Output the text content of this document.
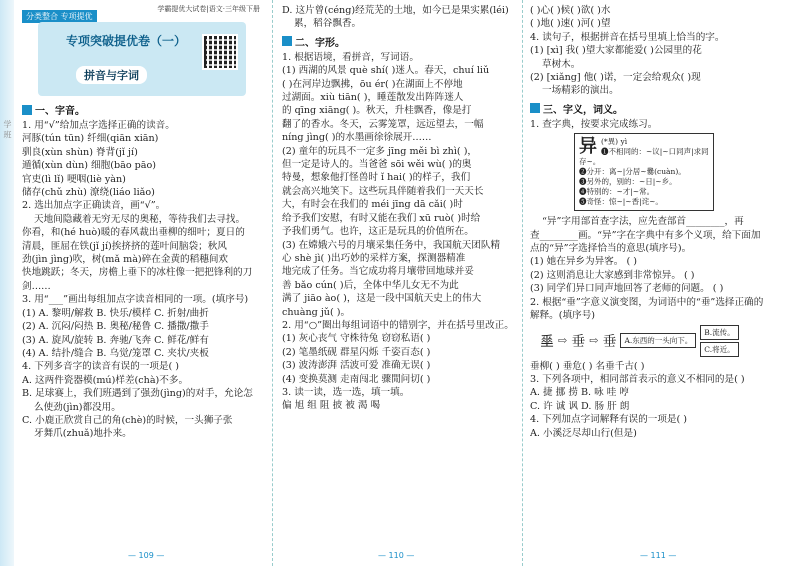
学 班
分类整合 专项提优
学霸提优大试卷|语文·三年级下册
专项突破提优卷（一）
拼音与字词
一、字音。

1. 用“√”给加点字选择正确的读音。

河豚(tún tūn) 纤细(qiān xiān)

驯良(xùn shùn) 脊背(jǐ jí)

遁循(xùn dùn) 细胞(bāo pāo)

官吏(lì lǐ) 哽咽(liè yàn)

储存(chǔ zhù) 潦绕(liáo liǎo)

2. 选出加点字正确读音，画“√”。

天地间隐藏着无穷无尽的奥秘，等待我们去寻找。

你看，和(hé huò)暖的春风裁出垂柳的细叶；夏日的

清晨，匪屈在铁(jǐ jí)挨挤挤的莲叶间脑袋；秋风

劲(jìn jìng)吹，树(mǎ mà)碎在金黄的稻穗间欢

快地跳跃；冬天，房檐上垂下的冰柱像一把把锋利的刀

剑……

3. 用“___”画出每组加点字读音相同的一项。(填序号)

(1) A. 黎明/解救 B. 快乐/模样 C. 折射/曲折

(2) A. 沉闷/闷热 B. 奥秘/秘鲁 C. 播撒/撒手

(3) A. 旋风/旋转 B. 奔驰/飞奔 C. 鲜花/鲜有

(4) A. 结扑/缝合 B. 乌觉/笼罩 C. 夹状/夹板

4. 下列多音字的读音有误的一项是( )

A. 这两件瓷器模(mú)样差(chà)不多。

B. 足球赛上，我们班遇到了强劲(jìng)的对手，允论怎

么使劲(jìn)都没用。

C. 小鹿正欣赏自己的角(chè)的时候，一头狮子张

牙舞爪(zhuǎ)地扑来。

D. 这片曾(céng)经荒芜的土地，如今已是果实累(léi)

累，稻谷飘香。

二、字形。

1. 根据语境，看拼音，写词语。

(1) 西湖的风景 què shí( )迷人。春天，chuí liǔ

( )在河岸边飘拂，ōu ér( )在湖面上不停地

过湖面。xiù tiān( )，睡莲散发出阵阵迷人

的 qīng xiāng( )。秋天，升桂飘香，像是打

翻了的香水。冬天，云雾笼罩，远远望去，一幅

níng jìng( )的水墨画徐徐展开……

(2) 童年的玩具不一定多 jīng měi bì zhì( )，

但一定是诗人的。当爸爸 sōi wěi wù( )的奥

特曼，想象他打怪兽时 ǐ hai( )的样子，我们

就会高兴地笑下。这些玩具伴随着我们一天天长

大，有时会在我们的 méi jīng dā cǎi( )时

给予我们安慰，有时又能在我们 xū ruò( )时给

予我们勇气。也许，这正是玩具的价值所在。

(3) 在嫦娥六号的月壤采集任务中，我国航天团队精

心 shè jì( )出巧妙的采样方案，探测器精准

地完成了任务。当它成功将月壤带回地球并妥

善 bǎo cún( )后，全体中华儿女无不为此

满了 jiāo ào( )，这是一段中国航天史上的伟大

chuàng jǔ( )。

2. 用“○”圈出每组词语中的错别字，并在括号里改正。

(1) 灰心丧气 守株待兔 窃窃私语( )

(2) 笔墨纸砚 群星闪烁 千姿百态( )

(3) 波涛澎湃 活波可爱 准确无误( )

(4) 变换莫测 走南闯北 骤閒问切( )

3. 读一读，选一选，填一填。

偏 旭 组 阻 披 被 渴 喝

( )心( )候( )欲( )水

( )地( )速( )河( )望

4. 读句子，根据拼音在括号里填上恰当的字。

(1) [xì] 我( )望大家都能爱( )公园里的花

草树木。

(2) [xiǎng] 他( )诺，一定会给观众( )现

一场精彩的演出。

三、字义，词义。

1. 查字典，按要求完成练习。

异 (*異) yì
❶不相同的：~议|~口同声|求同存~。
❷分开：离~|分居~爨(cuàn)。
❸另外的，别的：~日|~乡。
❹特别的：~才|~常。
❺奇怪：惊~|~香|诧~。

“异”字用部首查字法，应先查部首________，再

查________画。“异”字在字典中有多个义项，给下面加

点的“异”字选择恰当的意思(填序号)。

(1) 她在异乡为异客。 ( )

(2) 这则消息让大家感到非常惊异。 ( )

(3) 同学们异口同声地回答了老师的问题。 ( )

2. 根据“垂”字意义演变图，为词语中的“垂”选择正确的

解释。(填序号)

𡍮 ⇨ 垂 ⇨ 垂	A.东西的一头向下。
B.流传。
C.将近。

垂柳( ) 垂危( ) 名垂千古( )

3. 下列各项中，相同部首表示的意义不相同的是( )

A. 捷 挪 捞 B. 咏 哇 哼

C. 许 诚 讽 D. 肠 肝 朗

4. 下列加点字词解释有误的一项是( )

A. 小溪泛尽却山行(但是)

— 109 —	— 110 —	— 111 —
